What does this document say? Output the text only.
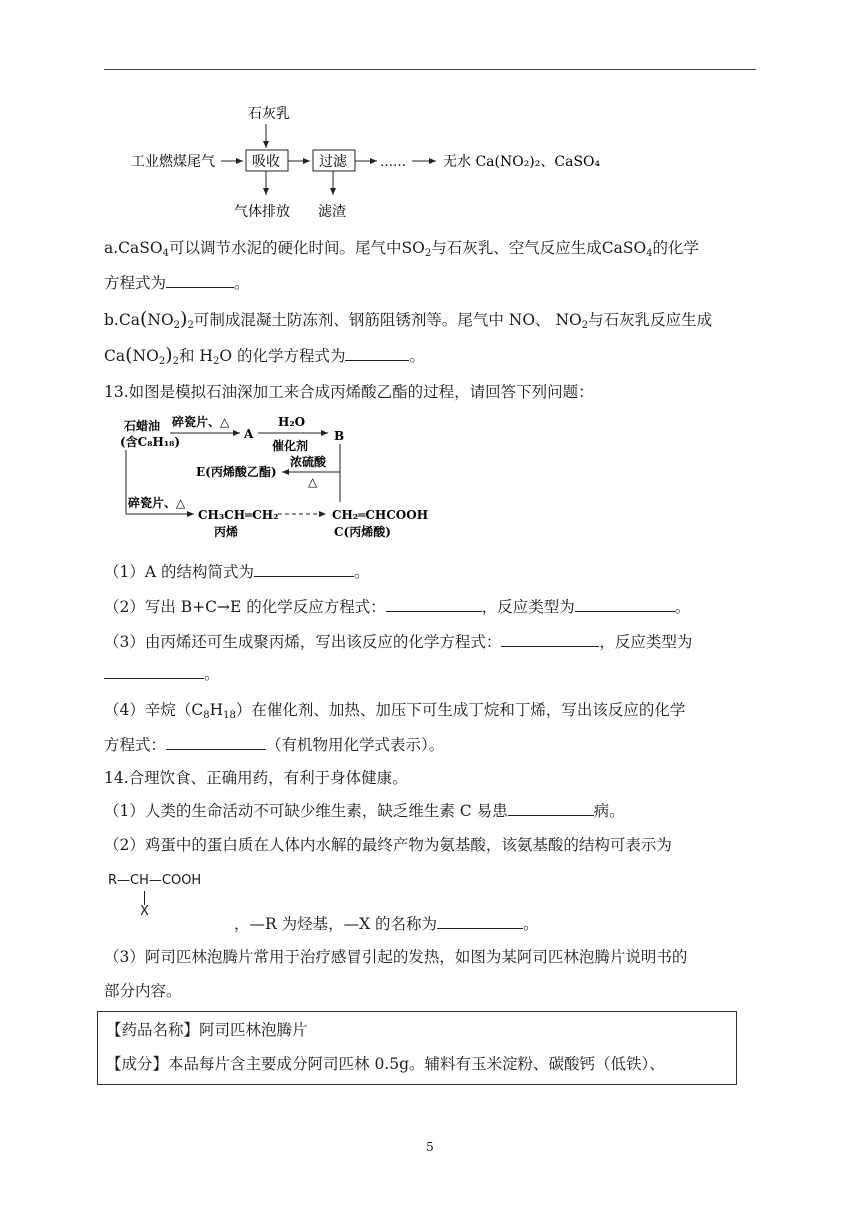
石灰乳
工业燃煤尾气	吸收	过滤	……	无水 Ca(NO₂)₂、CaSO₄
气体排放 滤渣
a.CaSO$_4$可以调节水泥的硬化时间。尾气中$SO_2$与石灰乳、空气反应生成CaSO$_4$的化学
方程式为	。
$b.Ca(NO_2)_2$可制成混凝土防冻剂、钢筋阻锈剂等。尾气中 NO、 $NO_2$与石灰乳反应生成
$Ca(NO_2)_2$和 $H_2O$ 的化学方程式为	。
13.如图是模拟石油深加工来合成丙烯酸乙酯的过程，请回答下列问题：
石蜡油
(含C₈H₁₈)
碎瓷片、△
A
H₂O
催化剂
B
E(丙烯酸乙酯)
浓硫酸
△
碎瓷片、△
CH₃CH═CH₂
丙烯
CH₂═CHCOOH
C(丙烯酸)
（1）A 的结构简式为	。
（2）写出 B+C→E 的化学反应方程式：	，反应类型为	。
（3）由丙烯还可生成聚丙烯，写出该反应的化学方程式：	，反应类型为
。
（4）辛烷$(C_8H_{18})$在催化剂、加热、加压下可生成丁烷和丁烯，写出该反应的化学
方程式：	（有机物用化学式表示）。
14.合理饮食、正确用药，有利于身体健康。
（1）人类的生命活动不可缺少维生素，缺乏维生素 C 易患	病。
（2）鸡蛋中的蛋白质在人体内水解的最终产物为氨基酸，该氨基酸的结构可表示为
R—CH—COOH
X
，—R 为烃基，—X 的名称为	。
（3）阿司匹林泡腾片常用于治疗感冒引起的发热，如图为某阿司匹林泡腾片说明书的
部分内容。
【药品名称】阿司匹林泡腾片
【成分】本品每片含主要成分阿司匹林 0.5g。辅料有玉米淀粉、碳酸钙（低铁）、
5
